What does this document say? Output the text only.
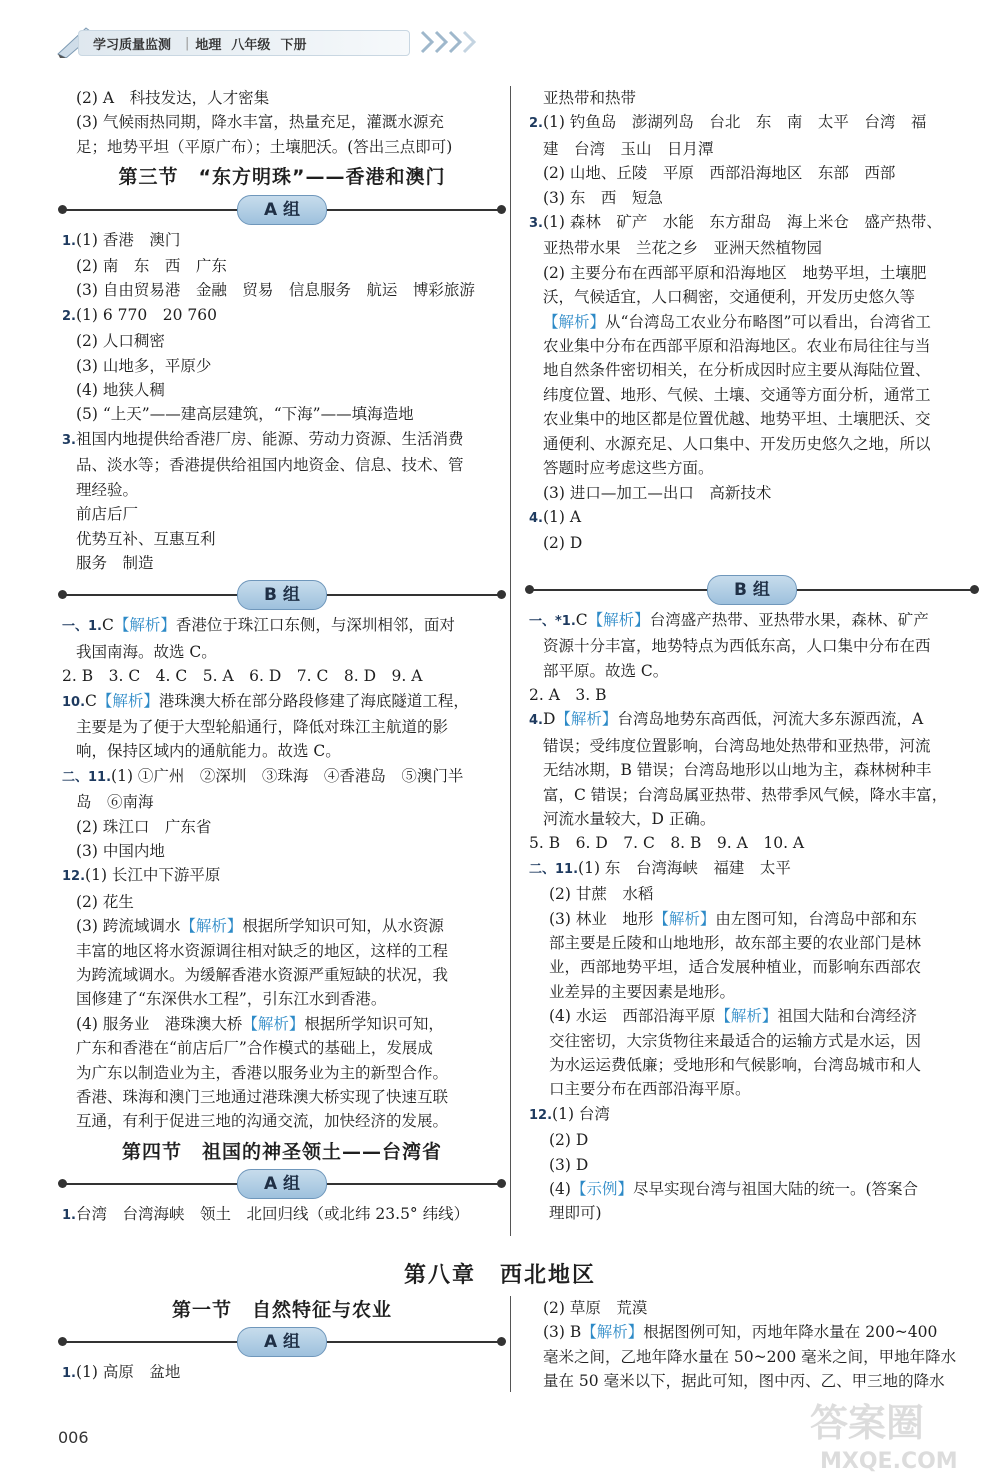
学习质量监测 | 地理 八年级 下册
(2) A　科技发达，人才密集
(3) 气候雨热同期，降水丰富，热量充足，灌溉水源充
足；地势平坦（平原广布）；土壤肥沃。(答出三点即可)
第三节　“东方明珠”——香港和澳门
A 组
1.(1) 香港　澳门
(2) 南　东　西　广东
(3) 自由贸易港　金融　贸易　信息服务　航运　博彩旅游
2.(1) 6 770　20 760
(2) 人口稠密
(3) 山地多，平原少
(4) 地狭人稠
(5) “上天”——建高层建筑，“下海”——填海造地
3.祖国内地提供给香港厂房、能源、劳动力资源、生活消费
品、淡水等；香港提供给祖国内地资金、信息、技术、管
理经验。
前店后厂
优势互补、互惠互利
服务　制造
B 组
一、1.C【解析】香港位于珠江口东侧，与深圳相邻，面对
我国南海。故选 C。
2. B　3. C　4. C　5. A　6. D　7. C　8. D　9. A
10.C【解析】港珠澳大桥在部分路段修建了海底隧道工程，
主要是为了便于大型轮船通行，降低对珠江主航道的影
响，保持区域内的通航能力。故选 C。
二、11.(1) ①广州　②深圳　③珠海　④香港岛　⑤澳门半
岛　⑥南海
(2) 珠江口　广东省
(3) 中国内地
12.(1) 长江中下游平原
(2) 花生
(3) 跨流域调水【解析】根据所学知识可知，从水资源
丰富的地区将水资源调往相对缺乏的地区，这样的工程
为跨流域调水。为缓解香港水资源严重短缺的状况，我
国修建了“东深供水工程”，引东江水到香港。
(4) 服务业　港珠澳大桥【解析】根据所学知识可知，
广东和香港在“前店后厂”合作模式的基础上，发展成
为广东以制造业为主，香港以服务业为主的新型合作。
香港、珠海和澳门三地通过港珠澳大桥实现了快速互联
互通，有利于促进三地的沟通交流，加快经济的发展。
第四节　祖国的神圣领土——台湾省
A 组
1.台湾　台湾海峡　领土　北回归线（或北纬 23.5° 纬线）
亚热带和热带
2.(1) 钓鱼岛　澎湖列岛　台北　东　南　太平　台湾　福
建　台湾　玉山　日月潭
(2) 山地、丘陵　平原　西部沿海地区　东部　西部
(3) 东　西　短急
3.(1) 森林　矿产　水能　东方甜岛　海上米仓　盛产热带、
亚热带水果　兰花之乡　亚洲天然植物园
(2) 主要分布在西部平原和沿海地区　地势平坦，土壤肥
沃，气候适宜，人口稠密，交通便利，开发历史悠久等
【解析】从“台湾岛工农业分布略图”可以看出，台湾省工
农业集中分布在西部平原和沿海地区。农业布局往往与当
地自然条件密切相关，在分析成因时应主要从海陆位置、
纬度位置、地形、气候、土壤、交通等方面分析，通常工
农业集中的地区都是位置优越、地势平坦、土壤肥沃、交
通便利、水源充足、人口集中、开发历史悠久之地，所以
答题时应考虑这些方面。
(3) 进口—加工—出口　高新技术
4.(1) A
(2) D
B 组
一、*1.C【解析】台湾盛产热带、亚热带水果，森林、矿产
资源十分丰富，地势特点为西低东高，人口集中分布在西
部平原。故选 C。
2. A　3. B
4.D【解析】台湾岛地势东高西低，河流大多东源西流，A
错误；受纬度位置影响，台湾岛地处热带和亚热带，河流
无结冰期，B 错误；台湾岛地形以山地为主，森林树种丰
富，C 错误；台湾岛属亚热带、热带季风气候，降水丰富，
河流水量较大，D 正确。
5. B　6. D　7. C　8. B　9. A　10. A
二、11.(1) 东　台湾海峡　福建　太平
(2) 甘蔗　水稻
(3) 林业　地形【解析】由左图可知，台湾岛中部和东
部主要是丘陵和山地地形，故东部主要的农业部门是林
业，西部地势平坦，适合发展种植业，而影响东西部农
业差异的主要因素是地形。
(4) 水运　西部沿海平原【解析】祖国大陆和台湾经济
交往密切，大宗货物往来最适合的运输方式是水运，因
为水运运费低廉；受地形和气候影响，台湾岛城市和人
口主要分布在西部沿海平原。
12.(1) 台湾
(2) D
(3) D
(4)【示例】尽早实现台湾与祖国大陆的统一。(答案合
理即可)
第八章　西北地区
第一节　自然特征与农业
A 组
1.(1) 高原　盆地
(2) 草原　荒漠
(3) B【解析】根据图例可知，丙地年降水量在 200~400
毫米之间，乙地年降水量在 50~200 毫米之间，甲地年降水
量在 50 毫米以下，据此可知，图中丙、乙、甲三地的降水
006	答案圈
MXQE.COM
